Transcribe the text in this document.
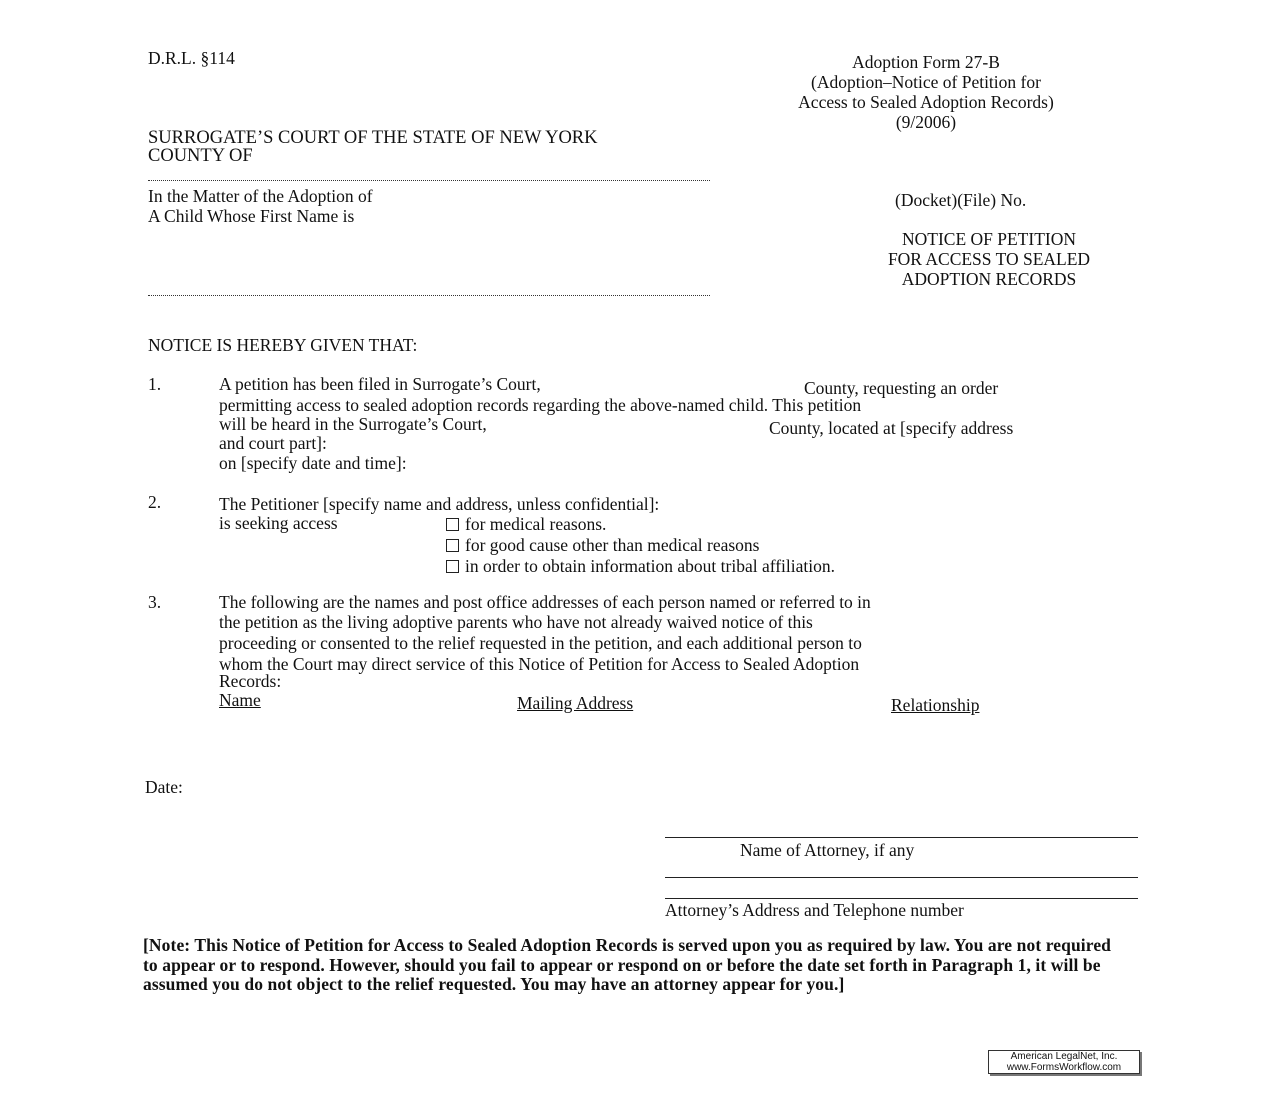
D.R.L. §114	Adoption Form 27-B
(Adoption–Notice of Petition for
Access to Sealed Adoption Records)
(9/2006)
SURROGATE’S COURT OF THE STATE OF NEW YORK
COUNTY OF
In the Matter of the Adoption of
A Child Whose First Name is
(Docket)(File) No.
NOTICE OF PETITION
FOR ACCESS TO SEALED
ADOPTION RECORDS
NOTICE IS HEREBY GIVEN THAT:
1.	A petition has been filed in Surrogate’s Court,	County, requesting an order
permitting access to sealed adoption records regarding the above-named child. This petition
will be heard in the Surrogate’s Court,	County, located at [specify address
and court part]:
on [specify date and time]:
2.	The Petitioner [specify name and address, unless confidential]:
is seeking access	for medical reasons.
for good cause other than medical reasons
in order to obtain information about tribal affiliation.
3.	The following are the names and post office addresses of each person named or referred to in
the petition as the living adoptive parents who have not already waived notice of this
proceeding or consented to the relief requested in the petition, and each additional person to
whom the Court may direct service of this Notice of Petition for Access to Sealed Adoption
Records:
Name	Mailing Address	Relationship
Date:
Name of Attorney, if any
Attorney’s Address and Telephone number
[Note: This Notice of Petition for Access to Sealed Adoption Records is served upon you as required by law. You are not required to appear or to respond. However, should you fail to appear or respond on or before the date set forth in Paragraph 1, it will be assumed you do not object to the relief requested. You may have an attorney appear for you.]
American LegalNet, Inc.
www.FormsWorkflow.com
